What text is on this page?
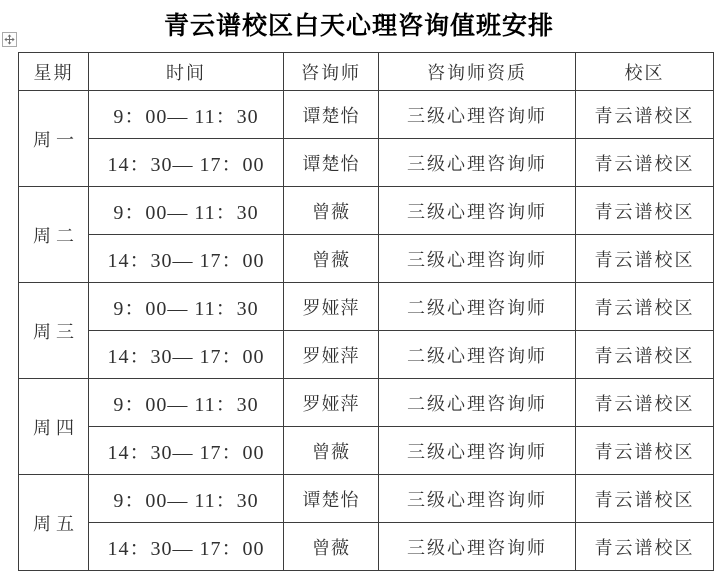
青云谱校区白天心理咨询值班安排
星期	时间	咨询师	咨询师资质	校区
周一	9：00— 11：30	谭楚怡	三级心理咨询师	青云谱校区
	14：30— 17：00	谭楚怡	三级心理咨询师	青云谱校区
周二	9：00— 11：30	曾薇	三级心理咨询师	青云谱校区
	14：30— 17：00	曾薇	三级心理咨询师	青云谱校区
周三	9：00— 11：30	罗娅萍	二级心理咨询师	青云谱校区
	14：30— 17：00	罗娅萍	二级心理咨询师	青云谱校区
周四	9：00— 11：30	罗娅萍	二级心理咨询师	青云谱校区
	14：30— 17：00	曾薇	三级心理咨询师	青云谱校区
周五	9：00— 11：30	谭楚怡	三级心理咨询师	青云谱校区
	14：30— 17：00	曾薇	三级心理咨询师	青云谱校区
